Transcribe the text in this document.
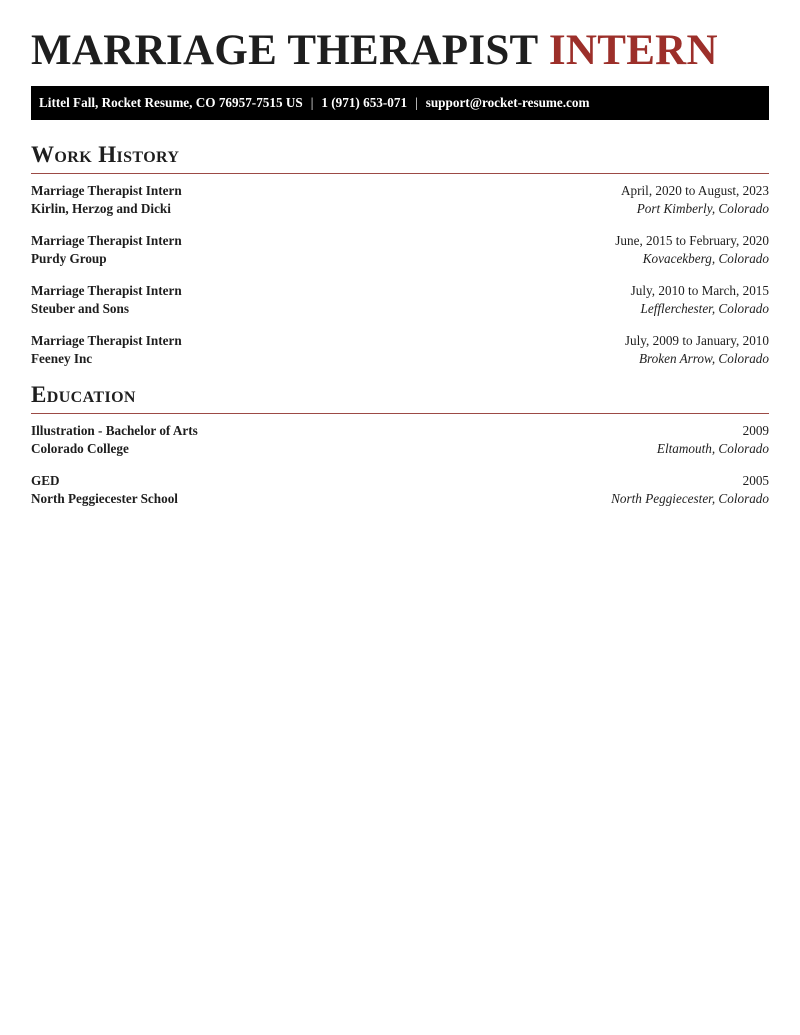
MARRIAGE THERAPIST INTERN
Littel Fall, Rocket Resume, CO 76957-7515 US | 1 (971) 653-071 | support@rocket-resume.com
Work History
Marriage Therapist Intern	April, 2020 to August, 2023
Kirlin, Herzog and Dicki	Port Kimberly, Colorado
Marriage Therapist Intern	June, 2015 to February, 2020
Purdy Group	Kovacekberg, Colorado
Marriage Therapist Intern	July, 2010 to March, 2015
Steuber and Sons	Lefflerchester, Colorado
Marriage Therapist Intern	July, 2009 to January, 2010
Feeney Inc	Broken Arrow, Colorado
Education
Illustration - Bachelor of Arts	2009
Colorado College	Eltamouth, Colorado
GED	2005
North Peggiecester School	North Peggiecester, Colorado
